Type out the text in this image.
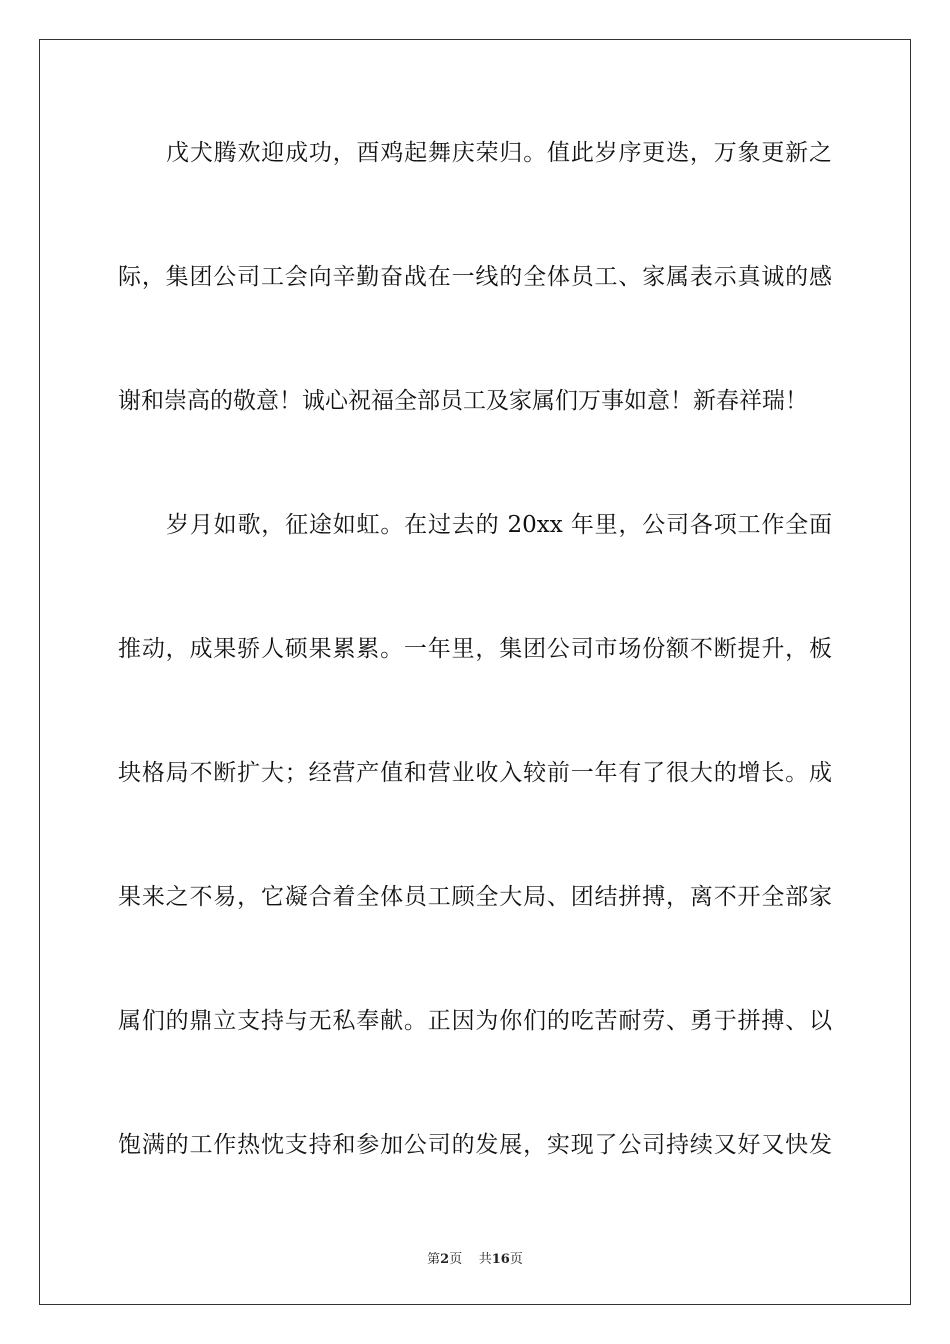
戊犬腾欢迎成功，酉鸡起舞庆荣归。值此岁序更迭，万象更新之
际，集团公司工会向辛勤奋战在一线的全体员工、家属表示真诚的感
谢和崇高的敬意！诚心祝福全部员工及家属们万事如意！新春祥瑞！
岁月如歌，征途如虹。在过去的 20xx 年里，公司各项工作全面
推动，成果骄人硕果累累。一年里，集团公司市场份额不断提升，板
块格局不断扩大；经营产值和营业收入较前一年有了很大的增长。成
果来之不易，它凝合着全体员工顾全大局、团结拼搏，离不开全部家
属们的鼎立支持与无私奉献。正因为你们的吃苦耐劳、勇于拼搏、以
饱满的工作热忱支持和参加公司的发展，实现了公司持续又好又快发
第2页 共16页
